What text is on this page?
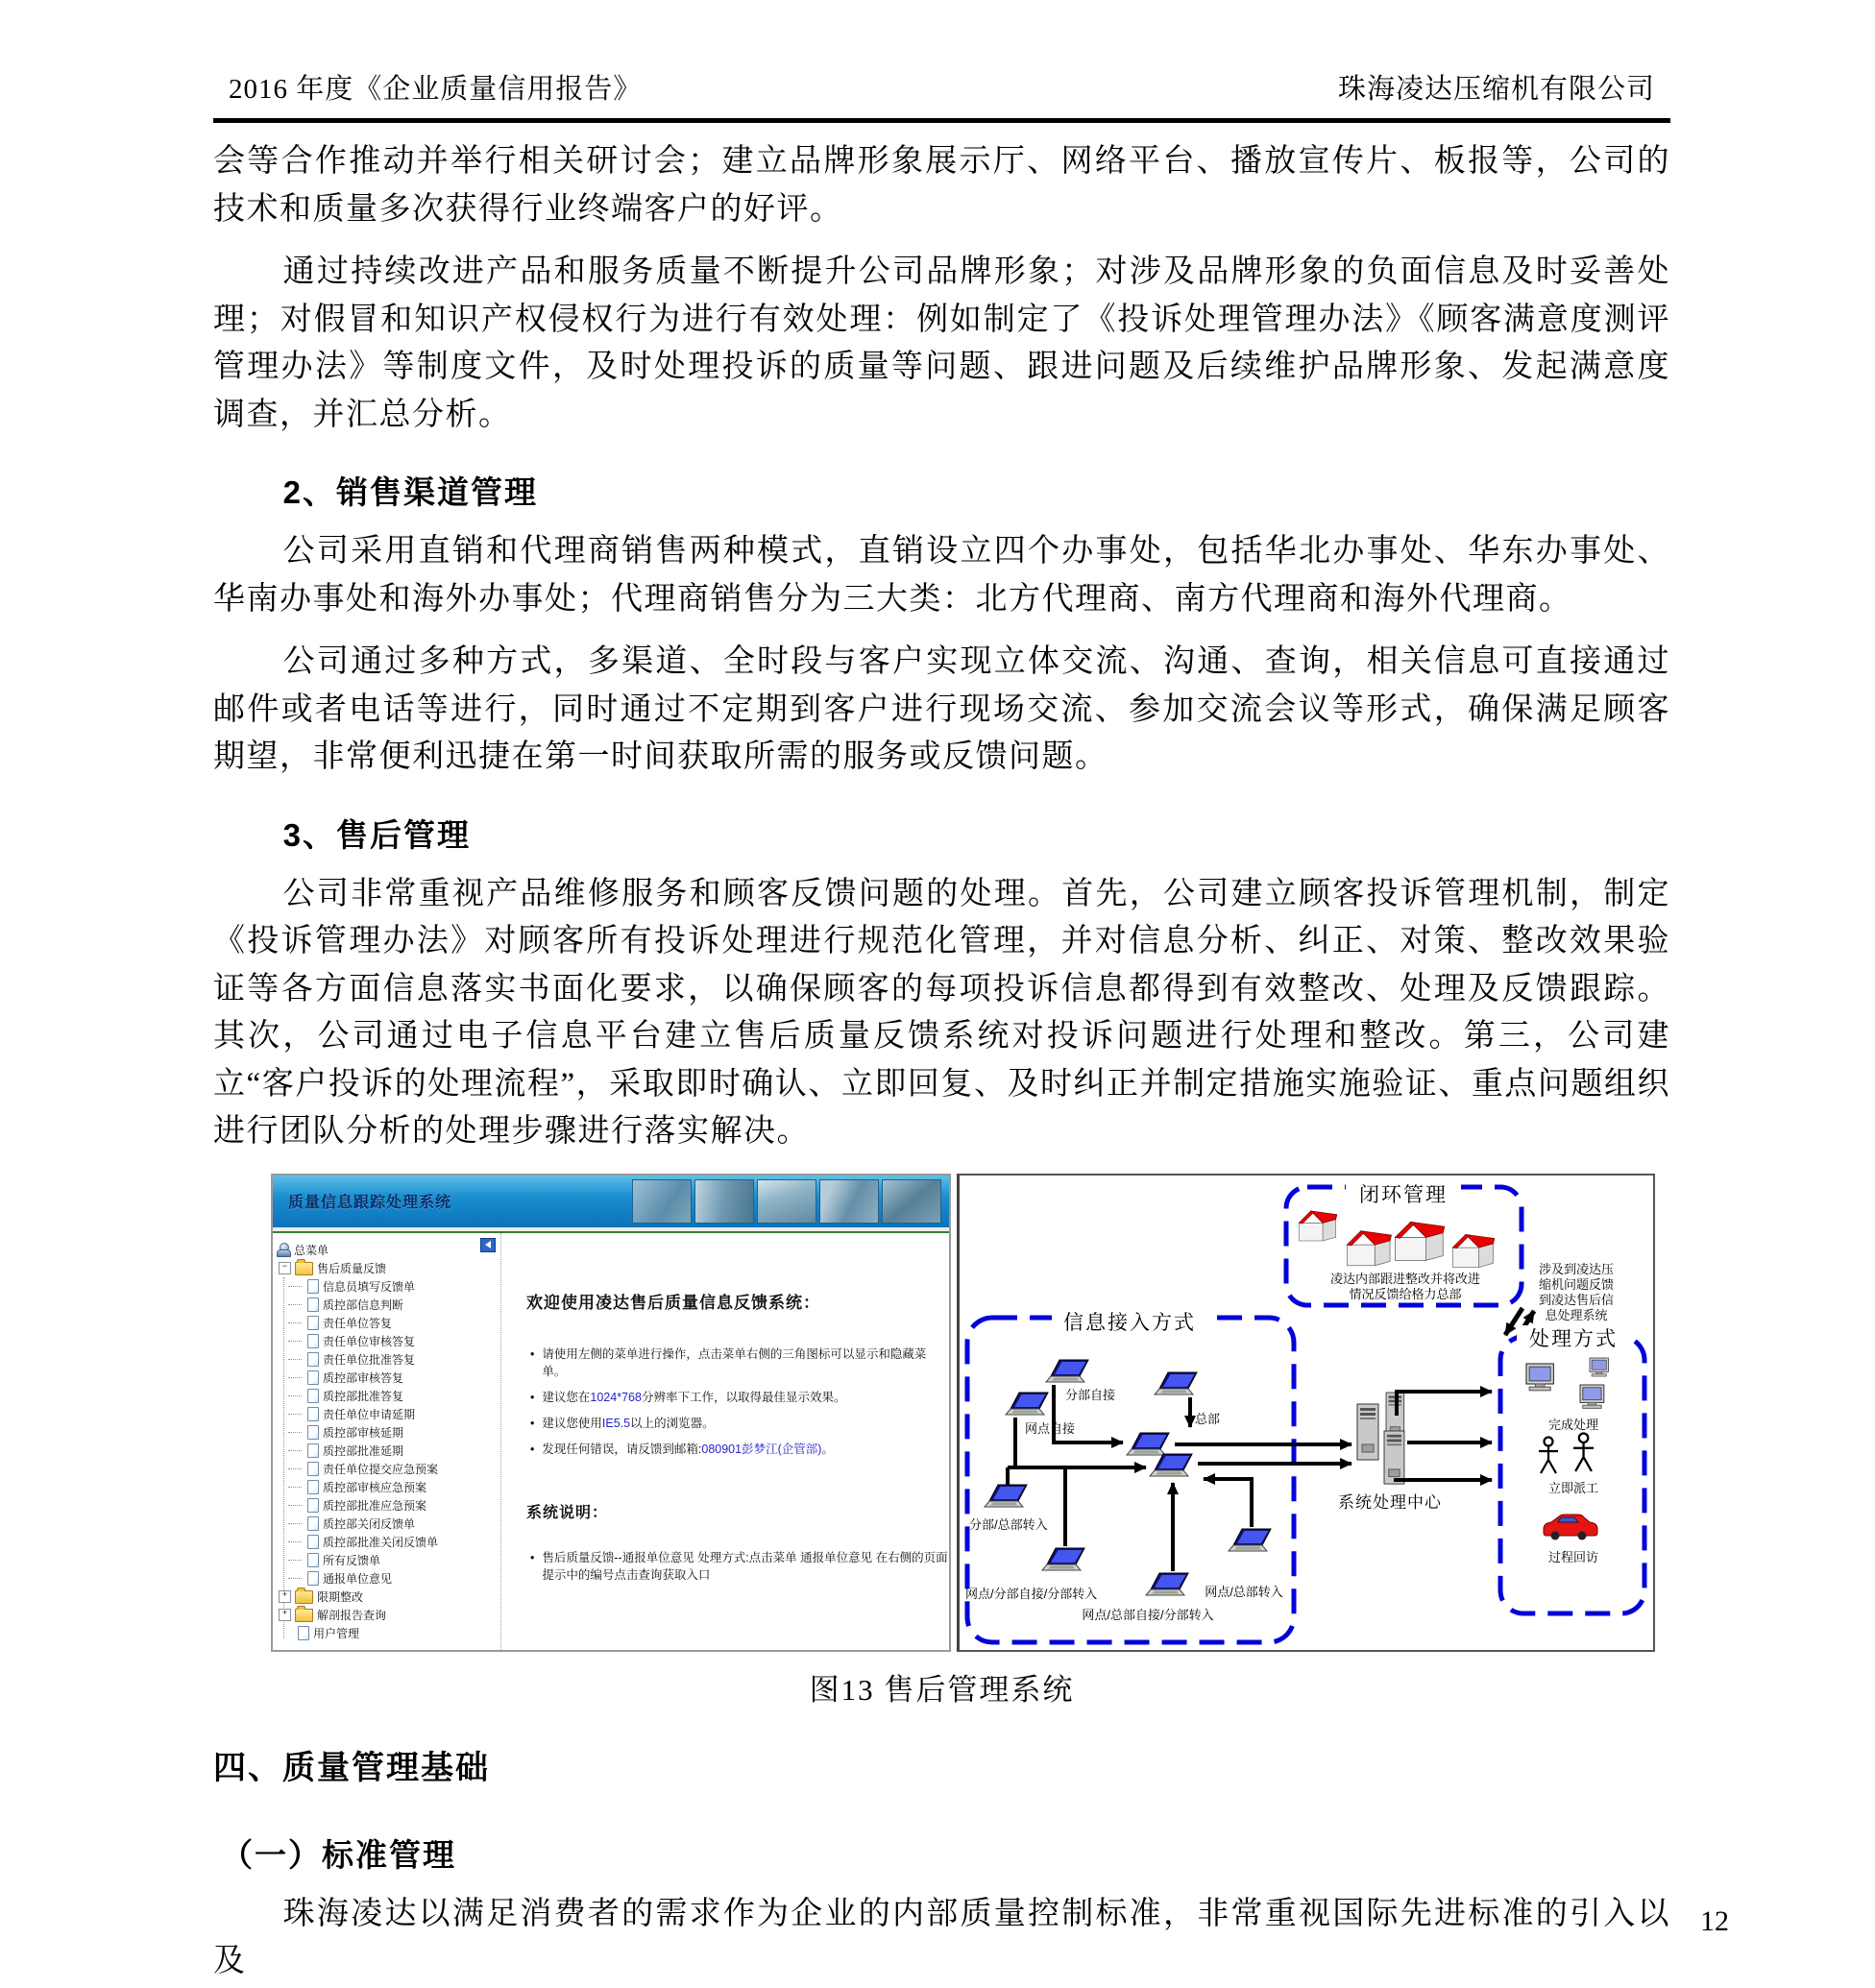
2016 年度《企业质量信用报告》	珠海凌达压缩机有限公司

会等合作推动并举行相关研讨会；建立品牌形象展示厅、网络平台、播放宣传片、板报等，公司的技术和质量多次获得行业终端客户的好评。

通过持续改进产品和服务质量不断提升公司品牌形象；对涉及品牌形象的负面信息及时妥善处理；对假冒和知识产权侵权行为进行有效处理：例如制定了《投诉处理管理办法》《顾客满意度测评管理办法》等制度文件，及时处理投诉的质量等问题、跟进问题及后续维护品牌形象、发起满意度调查，并汇总分析。

2、销售渠道管理

公司采用直销和代理商销售两种模式，直销设立四个办事处，包括华北办事处、华东办事处、华南办事处和海外办事处；代理商销售分为三大类：北方代理商、南方代理商和海外代理商。

公司通过多种方式，多渠道、全时段与客户实现立体交流、沟通、查询，相关信息可直接通过邮件或者电话等进行，同时通过不定期到客户进行现场交流、参加交流会议等形式，确保满足顾客期望，非常便利迅捷在第一时间获取所需的服务或反馈问题。

3、售后管理

公司非常重视产品维修服务和顾客反馈问题的处理。首先，公司建立顾客投诉管理机制，制定《投诉管理办法》对顾客所有投诉处理进行规范化管理，并对信息分析、纠正、对策、整改效果验证等各方面信息落实书面化要求，以确保顾客的每项投诉信息都得到有效整改、处理及反馈跟踪。其次，公司通过电子信息平台建立售后质量反馈系统对投诉问题进行处理和整改。第三，公司建立“客户投诉的处理流程”，采取即时确认、立即回复、及时纠正并制定措施实施验证、重点问题组织进行团队分析的处理步骤进行落实解决。

质量信息跟踪处理系统
总菜单
−
售后质量反馈
信息员填写反馈单
质控部信息判断
责任单位答复
责任单位审核答复
责任单位批准答复
质控部审核答复
质控部批准答复
责任单位申请延期
质控部审核延期
质控部批准延期
责任单位提交应急预案
质控部审核应急预案
质控部批准应急预案
质控部关闭反馈单
质控部批准关闭反馈单
所有反馈单
通报单位意见
+
限期整改
+
解剖报告查询
用户管理
欢迎使用凌达售后质量信息反馈系统：
• 请使用左侧的菜单进行操作，点击菜单右侧的三角图标可以显示和隐藏菜单。
• 建议您在1024*768分辨率下工作，以取得最佳显示效果。
• 建议您使用IE5.5以上的浏览器。
• 发现任何错误，请反馈到邮箱:080901彭梦江(企管部)。
系统说明：
• 售后质量反馈--通报单位意见 处理方式:点击菜单 通报单位意见 在右侧的页面提示中的编号点击查询获取入口
闭环管理
凌达内部跟进整改并将改进
情况反馈给格力总部
涉及到凌达压
缩机问题反馈
到凌达售后信
息处理系统
信息接入方式
总部
分部自接
网点自接
分部/总部转入
网点/分部自接/分部转入
网点/总部自接/分部转入
网点/总部转入
系统处理中心
处理方式
完成处理
立即派工
过程回访
图13 售后管理系统
四、质量管理基础
（一）标准管理

珠海凌达以满足消费者的需求作为企业的内部质量控制标准，非常重视国际先进标准的引入以及

12
